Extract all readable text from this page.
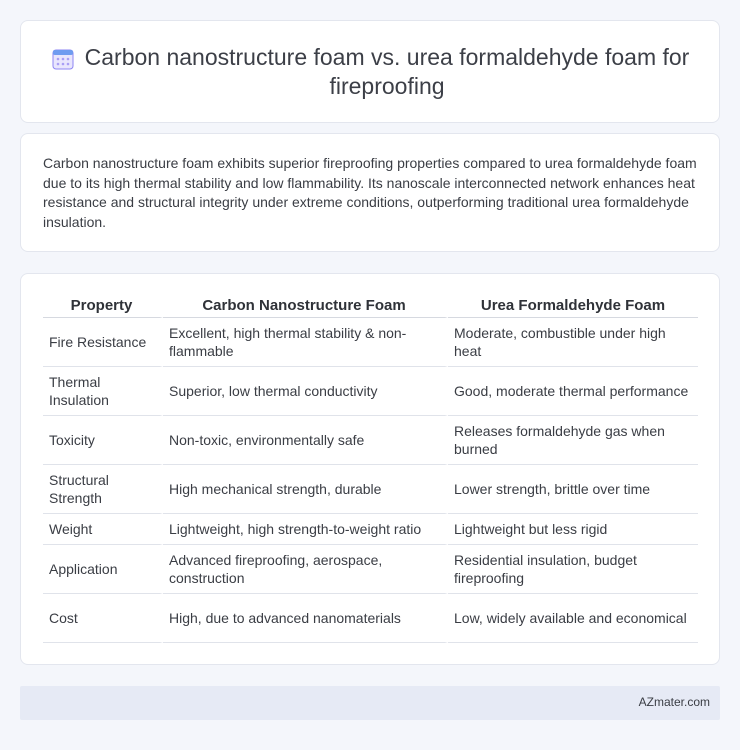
Carbon nanostructure foam vs. urea formaldehyde foam for fireproofing

Carbon nanostructure foam exhibits superior fireproofing properties compared to urea formaldehyde foam due to its high thermal stability and low flammability. Its nanoscale interconnected network enhances heat resistance and structural integrity under extreme conditions, outperforming traditional urea formaldehyde insulation.

Property	Carbon Nanostructure Foam	Urea Formaldehyde Foam
Fire Resistance	Excellent, high thermal stability & non-flammable	Moderate, combustible under high heat
Thermal Insulation	Superior, low thermal conductivity	Good, moderate thermal performance
Toxicity	Non-toxic, environmentally safe	Releases formaldehyde gas when burned
Structural Strength	High mechanical strength, durable	Lower strength, brittle over time
Weight	Lightweight, high strength-to-weight ratio	Lightweight but less rigid
Application	Advanced fireproofing, aerospace, construction	Residential insulation, budget fireproofing
Cost	High, due to advanced nanomaterials	Low, widely available and economical
AZmater.com
